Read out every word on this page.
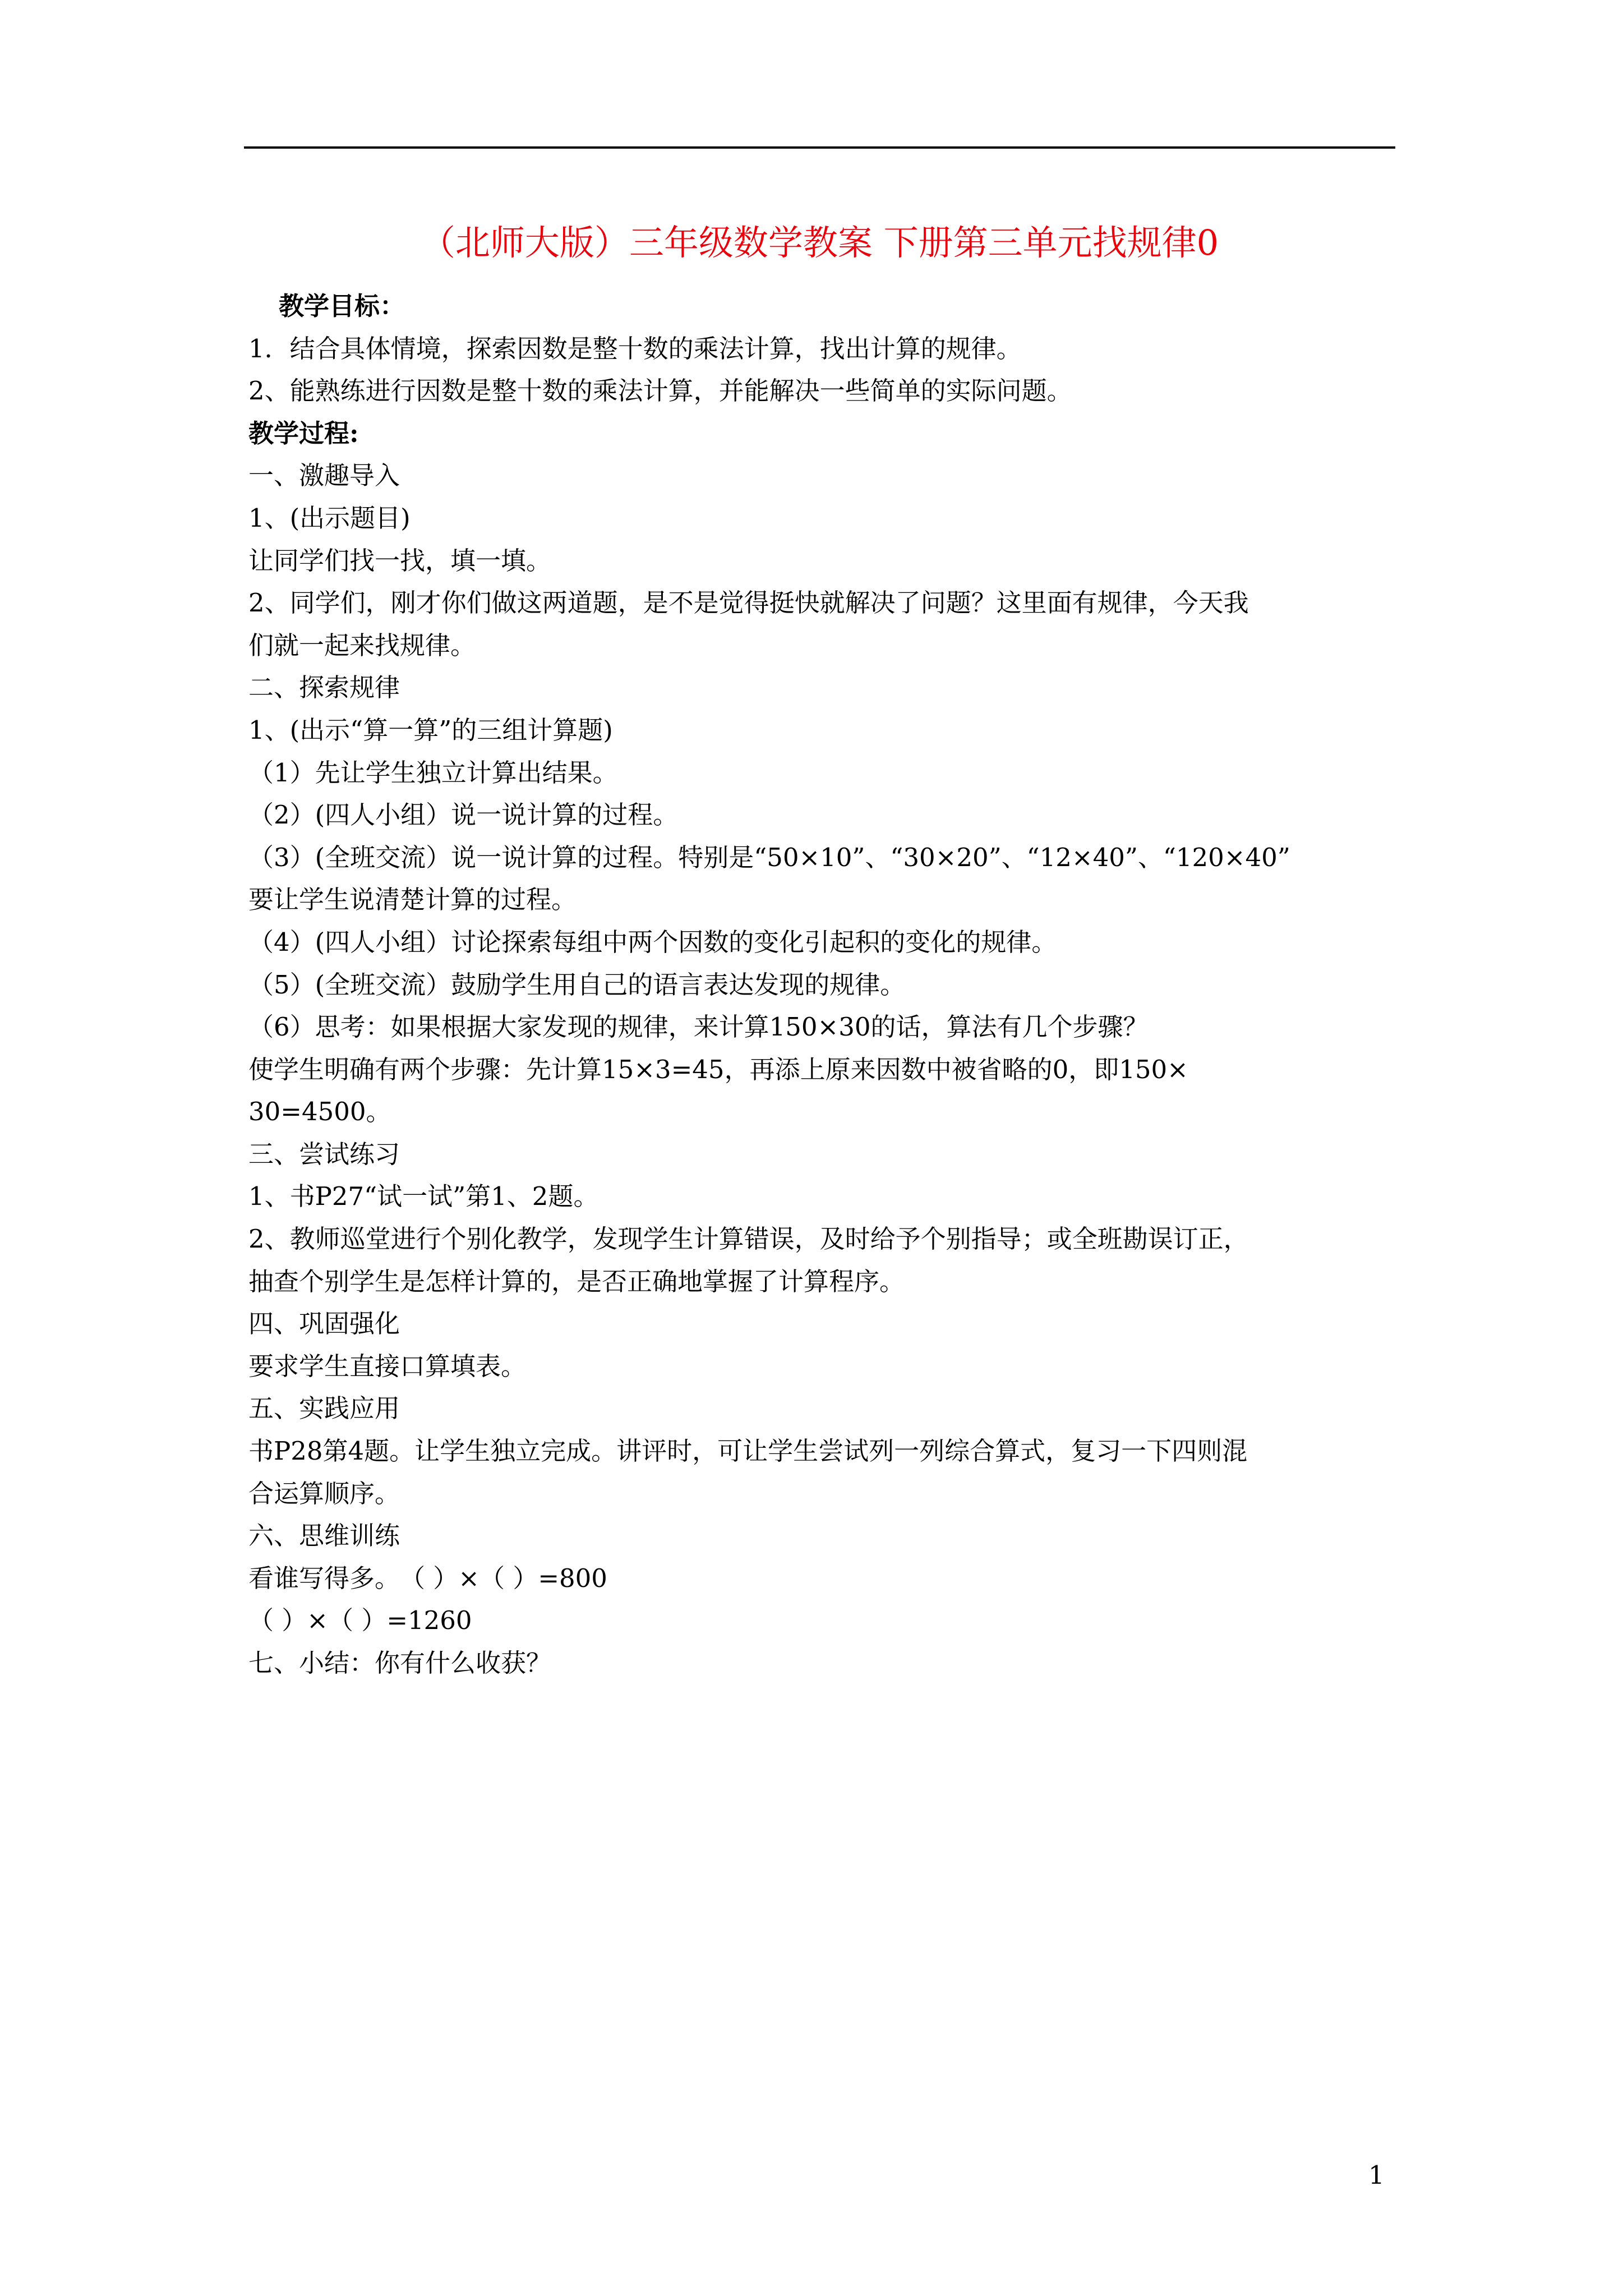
（北师大版）三年级数学教案 下册第三单元找规律0
教学目标：
1．结合具体情境，探索因数是整十数的乘法计算，找出计算的规律。
2、能熟练进行因数是整十数的乘法计算，并能解决一些简单的实际问题。
教学过程:
一、激趣导入
1、(出示题目)
让同学们找一找，填一填。
2、同学们，刚才你们做这两道题，是不是觉得挺快就解决了问题？这里面有规律，今天我
们就一起来找规律。
二、探索规律
1、(出示“算一算”的三组计算题)
（1）先让学生独立计算出结果。
（2）(四人小组）说一说计算的过程。
（3）(全班交流）说一说计算的过程。特别是“50×10”、“30×20”、“12×40”、“120×40”
要让学生说清楚计算的过程。
（4）(四人小组）讨论探索每组中两个因数的变化引起积的变化的规律。
（5）(全班交流）鼓励学生用自己的语言表达发现的规律。
（6）思考：如果根据大家发现的规律，来计算150×30的话，算法有几个步骤？
使学生明确有两个步骤：先计算15×3=45，再添上原来因数中被省略的0，即150×
30=4500。
三、尝试练习
1、书P27“试一试”第1、2题。
2、教师巡堂进行个别化教学，发现学生计算错误，及时给予个别指导；或全班勘误订正，
抽查个别学生是怎样计算的，是否正确地掌握了计算程序。
四、巩固强化
要求学生直接口算填表。
五、实践应用
书P28第4题。让学生独立完成。讲评时，可让学生尝试列一列综合算式，复习一下四则混
合运算顺序。
六、思维训练
看谁写得多。　（ ）×（ ）=800
（ ）×（ ）=1260
七、小结：你有什么收获？
1
